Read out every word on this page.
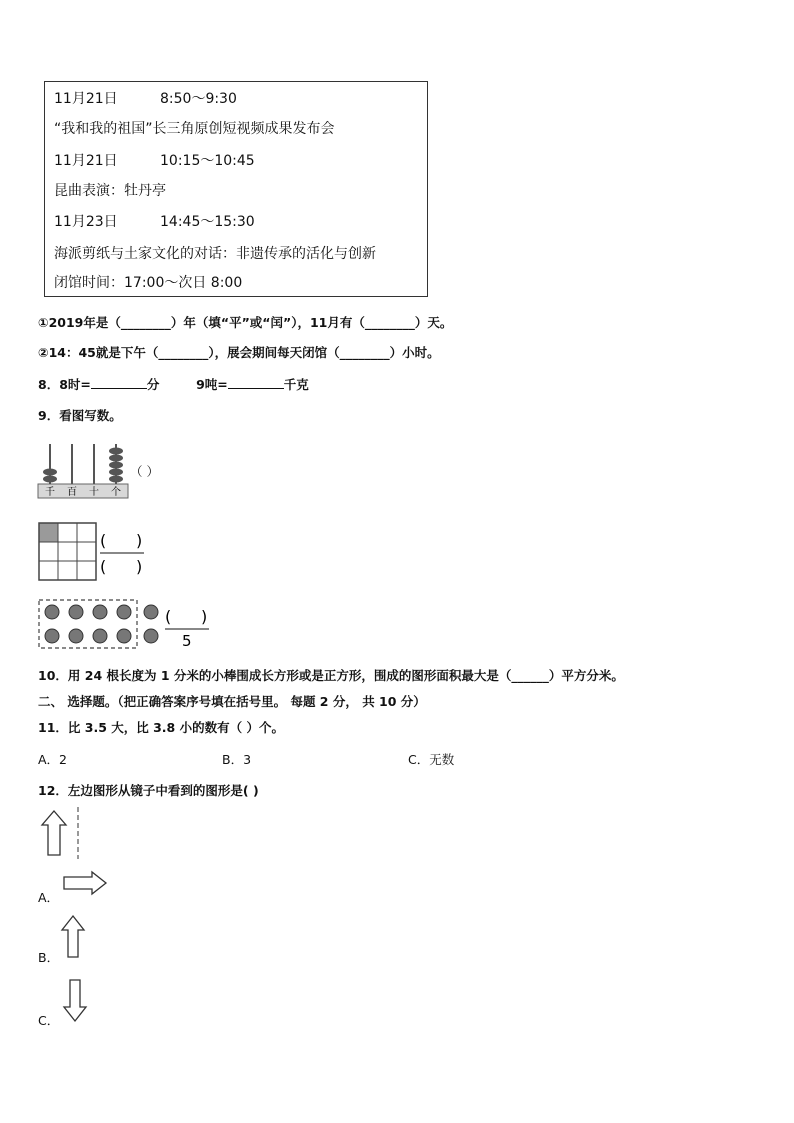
11月21日	8:50～9:30
“我和我的祖国”长三角原创短视频成果发布会
11月21日	10:15～10:45
昆曲表演：牡丹亭
11月23日	14:45～15:30
海派剪纸与土家文化的对话：非遗传承的活化与创新
闭馆时间：17:00～次日 8:00
①2019年是（________）年（填“平”或“闰”），11月有（________）天。
②14：45就是下午（________），展会期间每天闭馆（________）小时。
8．8时=	分	9吨=	千克
9．看图写数。
千 百 十 个
（ ）
( )
( )
( )
5
10．用 24 根长度为 1 分米的小棒围成长方形或是正方形，围成的图形面积最大是（______）平方分米。
二、 选择题。（把正确答案序号填在括号里。 每题 2 分， 共 10 分）
11．比 3.5 大，比 3.8 小的数有（ ）个。
A．2	B．3	C．无数
12．左边图形从镜子中看到的图形是( )
A．
B．
C．
